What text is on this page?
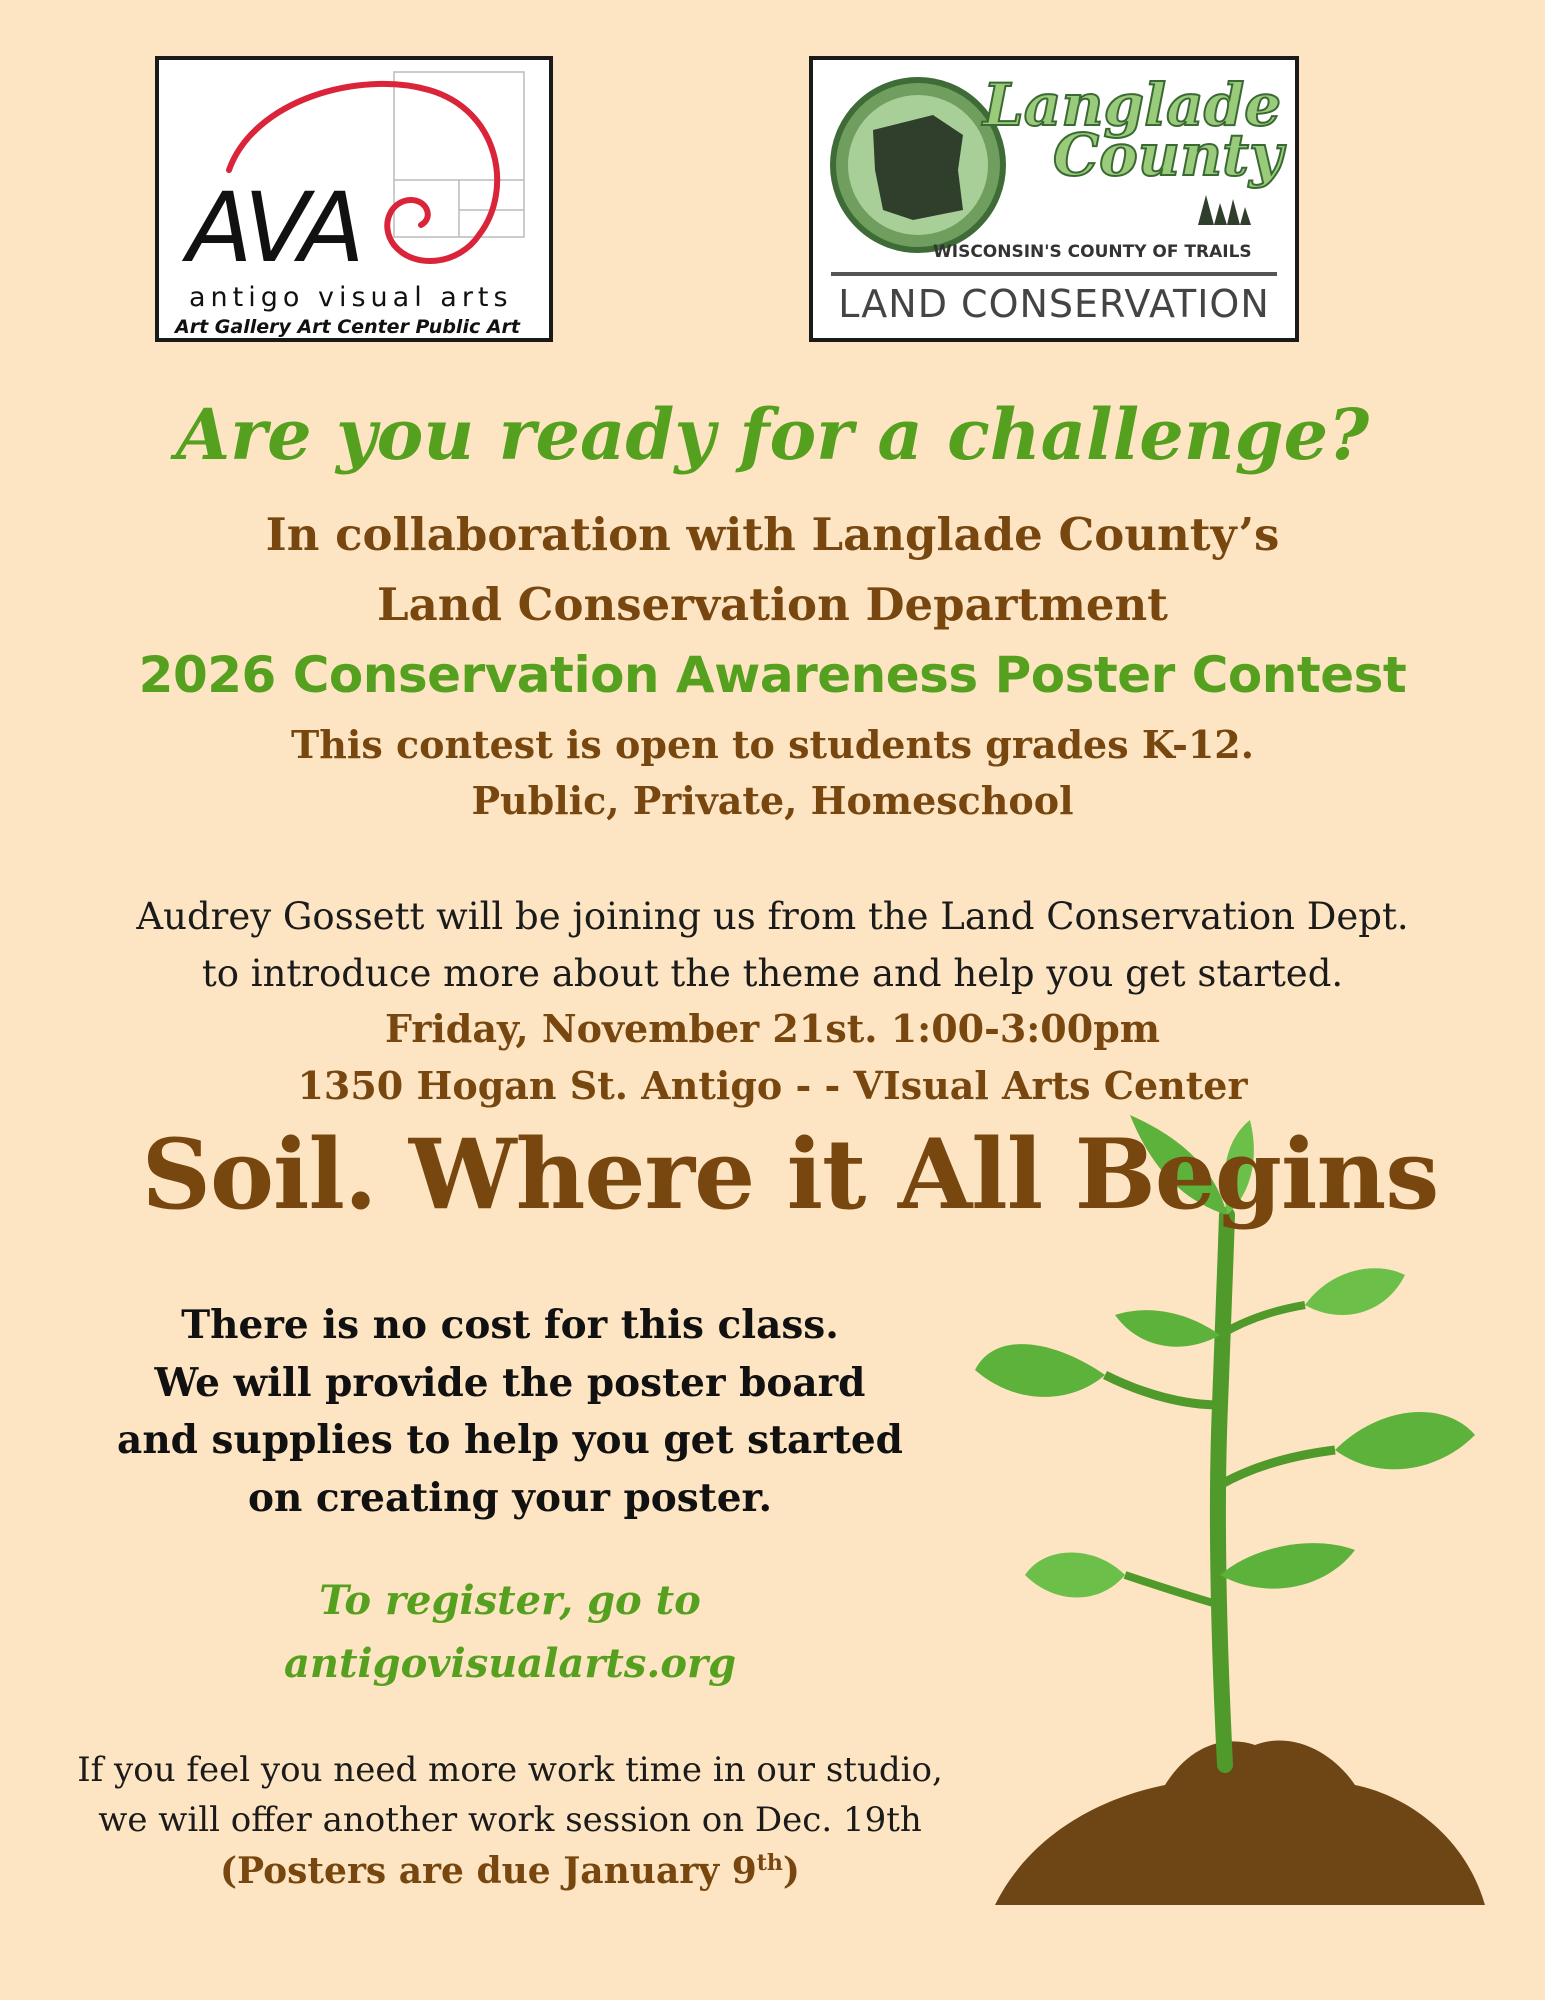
AVA
antigo visual arts
Art Gallery Art Center Public Art
Langlade
County
WISCONSIN'S COUNTY OF TRAILS
LAND CONSERVATION
Are you ready for a challenge?
In collaboration with Langlade County’s
Land Conservation Department
2026 Conservation Awareness Poster Contest
This contest is open to students grades K-12.
Public, Private, Homeschool
Audrey Gossett will be joining us from the Land Conservation Dept.
to introduce more about the theme and help you get started.
Friday, November 21st. 1:00-3:00pm
1350 Hogan St. Antigo - - VIsual Arts Center
Soil. Where it All Begins
There is no cost for this class.
We will provide the poster board
and supplies to help you get started
on creating your poster.
To register, go to
antigovisualarts.org
If you feel you need more work time in our studio,
we will offer another work session on Dec. 19th
(Posters are due January 9th)
